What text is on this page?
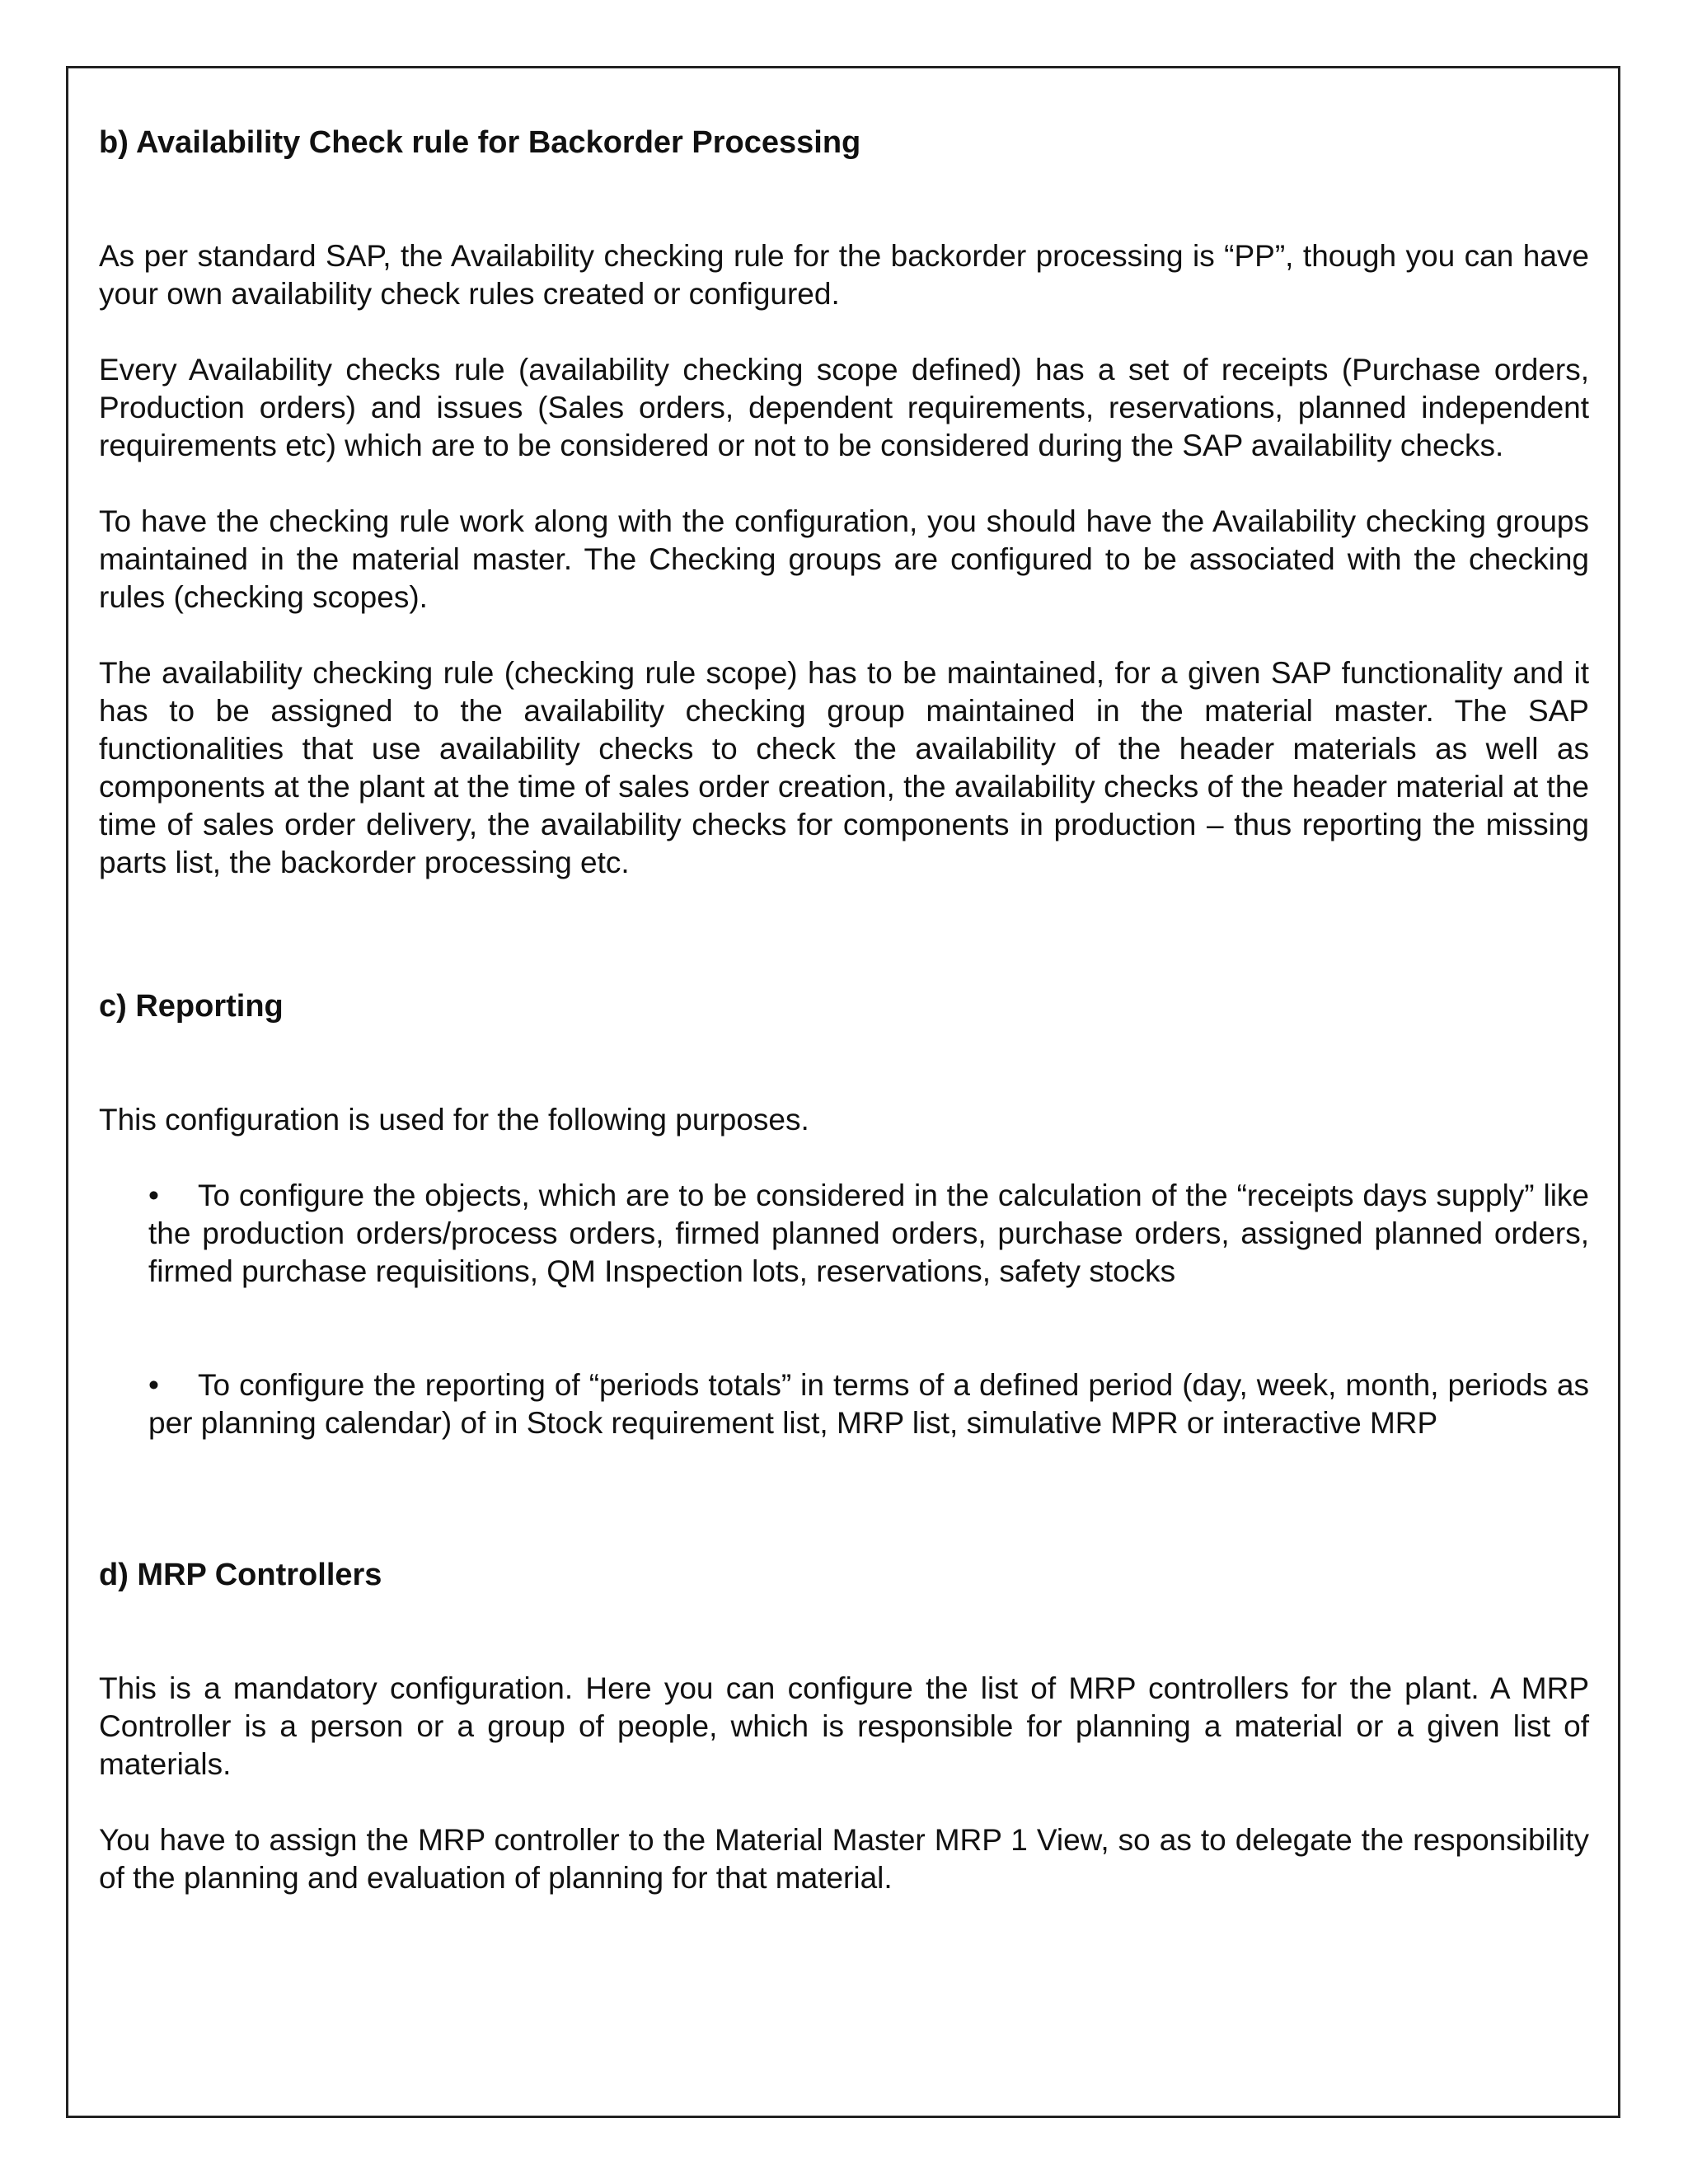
b) Availability Check rule for Backorder Processing

As per standard SAP, the Availability checking rule for the backorder processing is “PP”, though you can have your own availability check rules created or configured.

Every Availability checks rule (availability checking scope defined) has a set of receipts (Purchase orders, Production orders) and issues (Sales orders, dependent requirements, reservations, planned independent requirements etc) which are to be considered or not to be considered during the SAP availability checks.

To have the checking rule work along with the configuration, you should have the Availability checking groups maintained in the material master. The Checking groups are configured to be associated with the checking rules (checking scopes).

The availability checking rule (checking rule scope) has to be maintained, for a given SAP functionality and it has to be assigned to the availability checking group maintained in the material master. The SAP functionalities that use availability checks to check the availability of the header materials as well as components at the plant at the time of sales order creation, the availability checks of the header material at the time of sales order delivery, the availability checks for components in production – thus reporting the missing parts list, the backorder processing etc.

c) Reporting

This configuration is used for the following purposes.

• To configure the objects, which are to be considered in the calculation of the “receipts days supply” like the production orders/process orders, firmed planned orders, purchase orders, assigned planned orders, firmed purchase requisitions, QM Inspection lots, reservations, safety stocks
• To configure the reporting of “periods totals” in terms of a defined period (day, week, month, periods as per planning calendar) of in Stock requirement list, MRP list, simulative MPR or interactive MRP
d) MRP Controllers

This is a mandatory configuration. Here you can configure the list of MRP controllers for the plant. A MRP Controller is a person or a group of people, which is responsible for planning a material or a given list of materials.

You have to assign the MRP controller to the Material Master MRP 1 View, so as to delegate the responsibility of the planning and evaluation of planning for that material.
